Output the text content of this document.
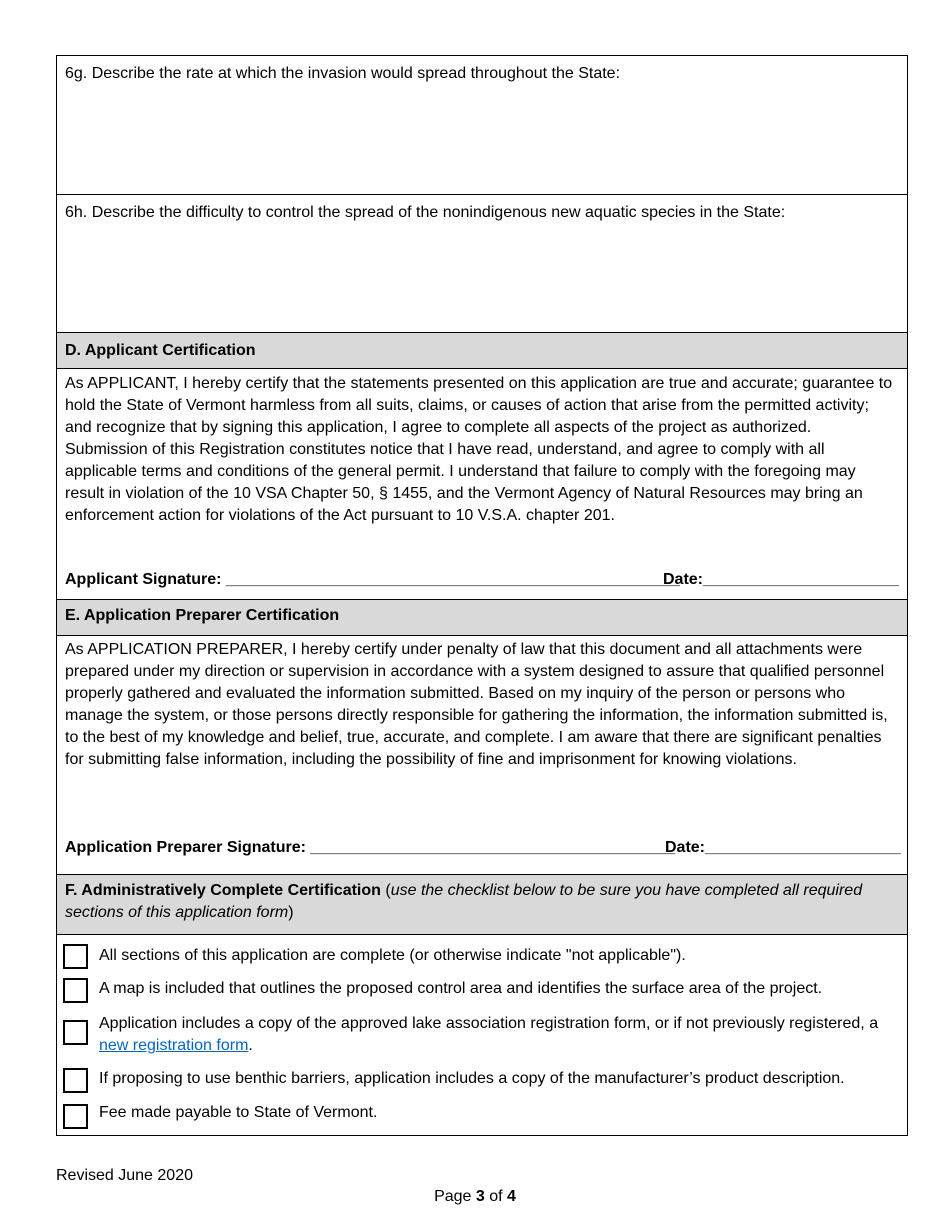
6g. Describe the rate at which the invasion would spread throughout the State:
6h. Describe the difficulty to control the spread of the nonindigenous new aquatic species in the State:
D. Applicant Certification
As APPLICANT, I hereby certify that the statements presented on this application are true and accurate; guarantee to hold the State of Vermont harmless from all suits, claims, or causes of action that arise from the permitted activity; and recognize that by signing this application, I agree to complete all aspects of the project as authorized. Submission of this Registration constitutes notice that I have read, understand, and agree to comply with all applicable terms and conditions of the general permit. I understand that failure to comply with the foregoing may result in violation of the 10 VSA Chapter 50, § 1455, and the Vermont Agency of Natural Resources may bring an enforcement action for violations of the Act pursuant to 10 V.S.A. chapter 201.
Applicant Signature: ___________________________________________________
Date:______________________
E. Application Preparer Certification
As APPLICATION PREPARER, I hereby certify under penalty of law that this document and all attachments were prepared under my direction or supervision in accordance with a system designed to assure that qualified personnel properly gathered and evaluated the information submitted. Based on my inquiry of the person or persons who manage the system, or those persons directly responsible for gathering the information, the information submitted is, to the best of my knowledge and belief, true, accurate, and complete. I am aware that there are significant penalties for submitting false information, including the possibility of fine and imprisonment for knowing violations.
Application Preparer Signature: _________________________________________
Date:______________________
F. Administratively Complete Certification (use the checklist below to be sure you have completed all required sections of this application form)
All sections of this application are complete (or otherwise indicate "not applicable").
A map is included that outlines the proposed control area and identifies the surface area of the project.
Application includes a copy of the approved lake association registration form, or if not previously registered, a new registration form.
If proposing to use benthic barriers, application includes a copy of the manufacturer’s product description.
Fee made payable to State of Vermont.
Revised June 2020
Page 3 of 4
